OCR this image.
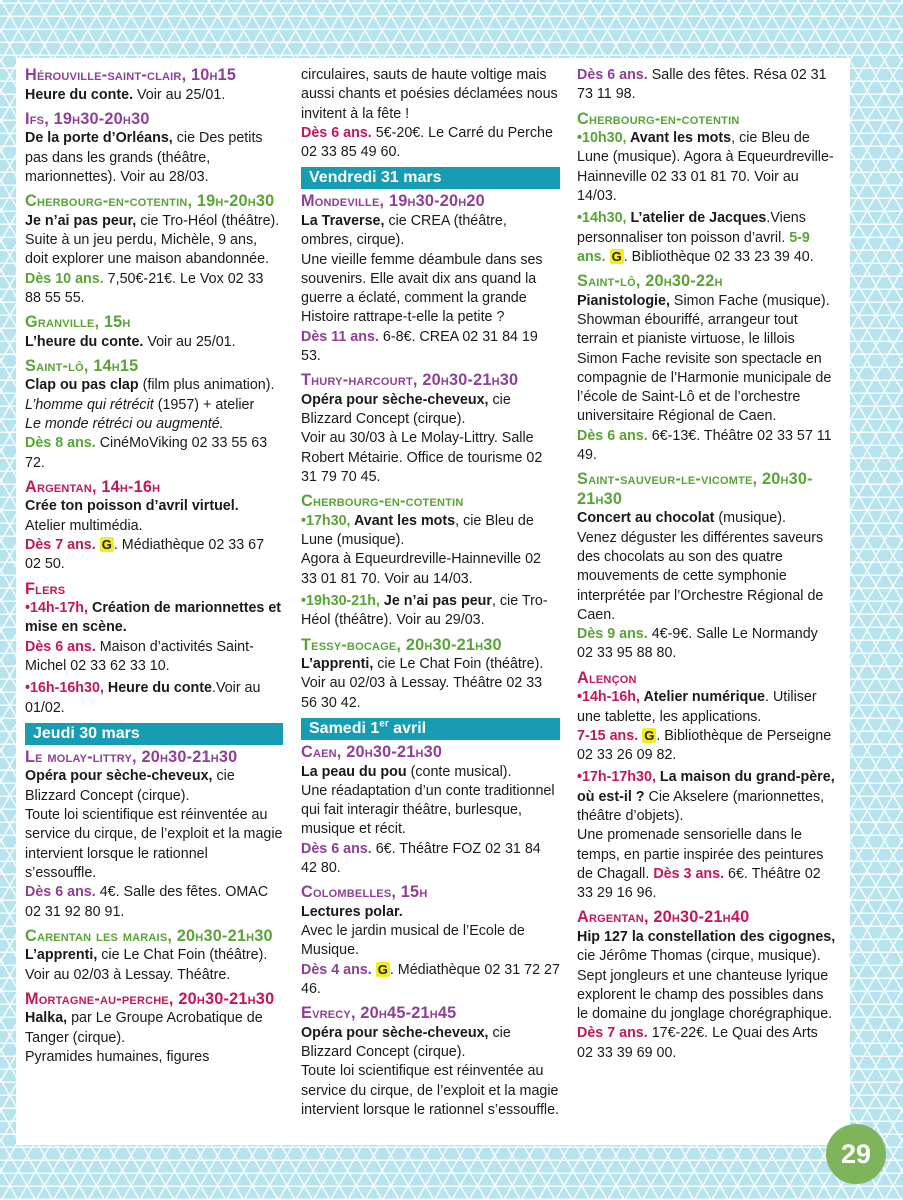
Hérouville-saint-clair, 10h15
Heure du conte. Voir au 25/01.
Ifs, 19h30-20h30
De la porte d’Orléans, cie Des petits pas dans les grands (théâtre, marionnettes). Voir au 28/03.
Cherbourg-en-cotentin, 19h-20h30
Je n’ai pas peur, cie Tro-Héol (théâtre). Suite à un jeu perdu, Michèle, 9 ans, doit explorer une maison abandonnée.
Dès 10 ans. 7,50€-21€. Le Vox 02 33 88 55 55.
Granville, 15h
L’heure du conte. Voir au 25/01.
Saint-lô, 14h15
Clap ou pas clap (film plus animation).
L’homme qui rétrécit (1957) + atelier
Le monde rétréci ou augmenté.
Dès 8 ans. CinéMoViking 02 33 55 63 72.
Argentan, 14h-16h
Crée ton poisson d’avril virtuel.
Atelier multimédia.
Dès 7 ans. G . Médiathèque 02 33 67 02 50.
Flers
•14h-17h, Création de marionnettes et mise en scène.
Dès 6 ans. Maison d’activités Saint-Michel 02 33 62 33 10.
•16h-16h30, Heure du conte.Voir au 01/02.
Jeudi 30 mars
Le molay-littry, 20h30-21h30
Opéra pour sèche-cheveux, cie Blizzard Concept (cirque).
Toute loi scientifique est réinventée au service du cirque, de l’exploit et la magie intervient lorsque le rationnel s’essouffle.
Dès 6 ans. 4€. Salle des fêtes. OMAC 02 31 92 80 91.
Carentan les marais, 20h30-21h30
L’apprenti, cie Le Chat Foin (théâtre). Voir au 02/03 à Lessay. Théâtre.
Mortagne-au-perche, 20h30-21h30
Halka, par Le Groupe Acrobatique de Tanger (cirque).
Pyramides humaines, figures
circulaires, sauts de haute voltige mais aussi chants et poésies déclamées nous invitent à la fête !
Dès 6 ans. 5€-20€. Le Carré du Perche 02 33 85 49 60.
Vendredi 31 mars
Mondeville, 19h30-20h20
La Traverse, cie CREA (théâtre, ombres, cirque).
Une vieille femme déambule dans ses souvenirs. Elle avait dix ans quand la guerre a éclaté, comment la grande Histoire rattrape-t-elle la petite ?
Dès 11 ans. 6-8€. CREA 02 31 84 19 53.
Thury-harcourt, 20h30-21h30
Opéra pour sèche-cheveux, cie Blizzard Concept (cirque).
Voir au 30/03 à Le Molay-Littry. Salle Robert Métairie. Office de tourisme 02 31 79 70 45.
Cherbourg-en-cotentin
•17h30, Avant les mots, cie Bleu de Lune (musique).
Agora à Equeurdreville-Hainneville 02 33 01 81 70. Voir au 14/03.
•19h30-21h, Je n’ai pas peur, cie Tro-Héol (théâtre). Voir au 29/03.
Tessy-bocage, 20h30-21h30
L’apprenti, cie Le Chat Foin (théâtre). Voir au 02/03 à Lessay. Théâtre 02 33 56 30 42.
Samedi 1er avril
Caen, 20h30-21h30
La peau du pou (conte musical).
Une réadaptation d’un conte traditionnel qui fait interagir théâtre, burlesque, musique et récit.
Dès 6 ans. 6€. Théâtre FOZ 02 31 84 42 80.
Colombelles, 15h
Lectures polar.
Avec le jardin musical de l’Ecole de Musique.
Dès 4 ans. G . Médiathèque 02 31 72 27 46.
Evrecy, 20h45-21h45
Opéra pour sèche-cheveux, cie Blizzard Concept (cirque).
Toute loi scientifique est réinventée au service du cirque, de l’exploit et la magie intervient lorsque le rationnel s’essouffle.
Dès 6 ans. Salle des fêtes. Résa 02 31 73 11 98.
Cherbourg-en-cotentin
•10h30, Avant les mots, cie Bleu de Lune (musique). Agora à Equeurdreville-Hainneville 02 33 01 81 70. Voir au 14/03.
•14h30, L’atelier de Jacques.Viens personnaliser ton poisson d’avril. 5-9 ans. G . Bibliothèque 02 33 23 39 40.
Saint-lô, 20h30-22h
Pianistologie, Simon Fache (musique).
Showman ébouriffé, arrangeur tout terrain et pianiste virtuose, le lillois Simon Fache revisite son spectacle en compagnie de l’Harmonie municipale de l’école de Saint-Lô et de l’orchestre universitaire Régional de Caen.
Dès 6 ans. 6€-13€. Théâtre 02 33 57 11 49.
Saint-sauveur-le-vicomte, 20h30-21h30
Concert au chocolat (musique).
Venez déguster les différentes saveurs des chocolats au son des quatre mouvements de cette symphonie interprétée par l’Orchestre Régional de Caen.
Dès 9 ans. 4€-9€. Salle Le Normandy 02 33 95 88 80.
Alençon
•14h-16h, Atelier numérique. Utiliser une tablette, les applications.
7-15 ans. G . Bibliothèque de Perseigne 02 33 26 09 82.
•17h-17h30, La maison du grand-père, où est-il ? Cie Akselere (marionnettes, théâtre d’objets).
Une promenade sensorielle dans le temps, en partie inspirée des peintures de Chagall. Dès 3 ans. 6€. Théâtre 02 33 29 16 96.
Argentan, 20h30-21h40
Hip 127 la constellation des cigognes, cie Jérôme Thomas (cirque, musique).
Sept jongleurs et une chanteuse lyrique explorent le champ des possibles dans le domaine du jonglage chorégraphique.
Dès 7 ans. 17€-22€. Le Quai des Arts 02 33 39 69 00.
29
